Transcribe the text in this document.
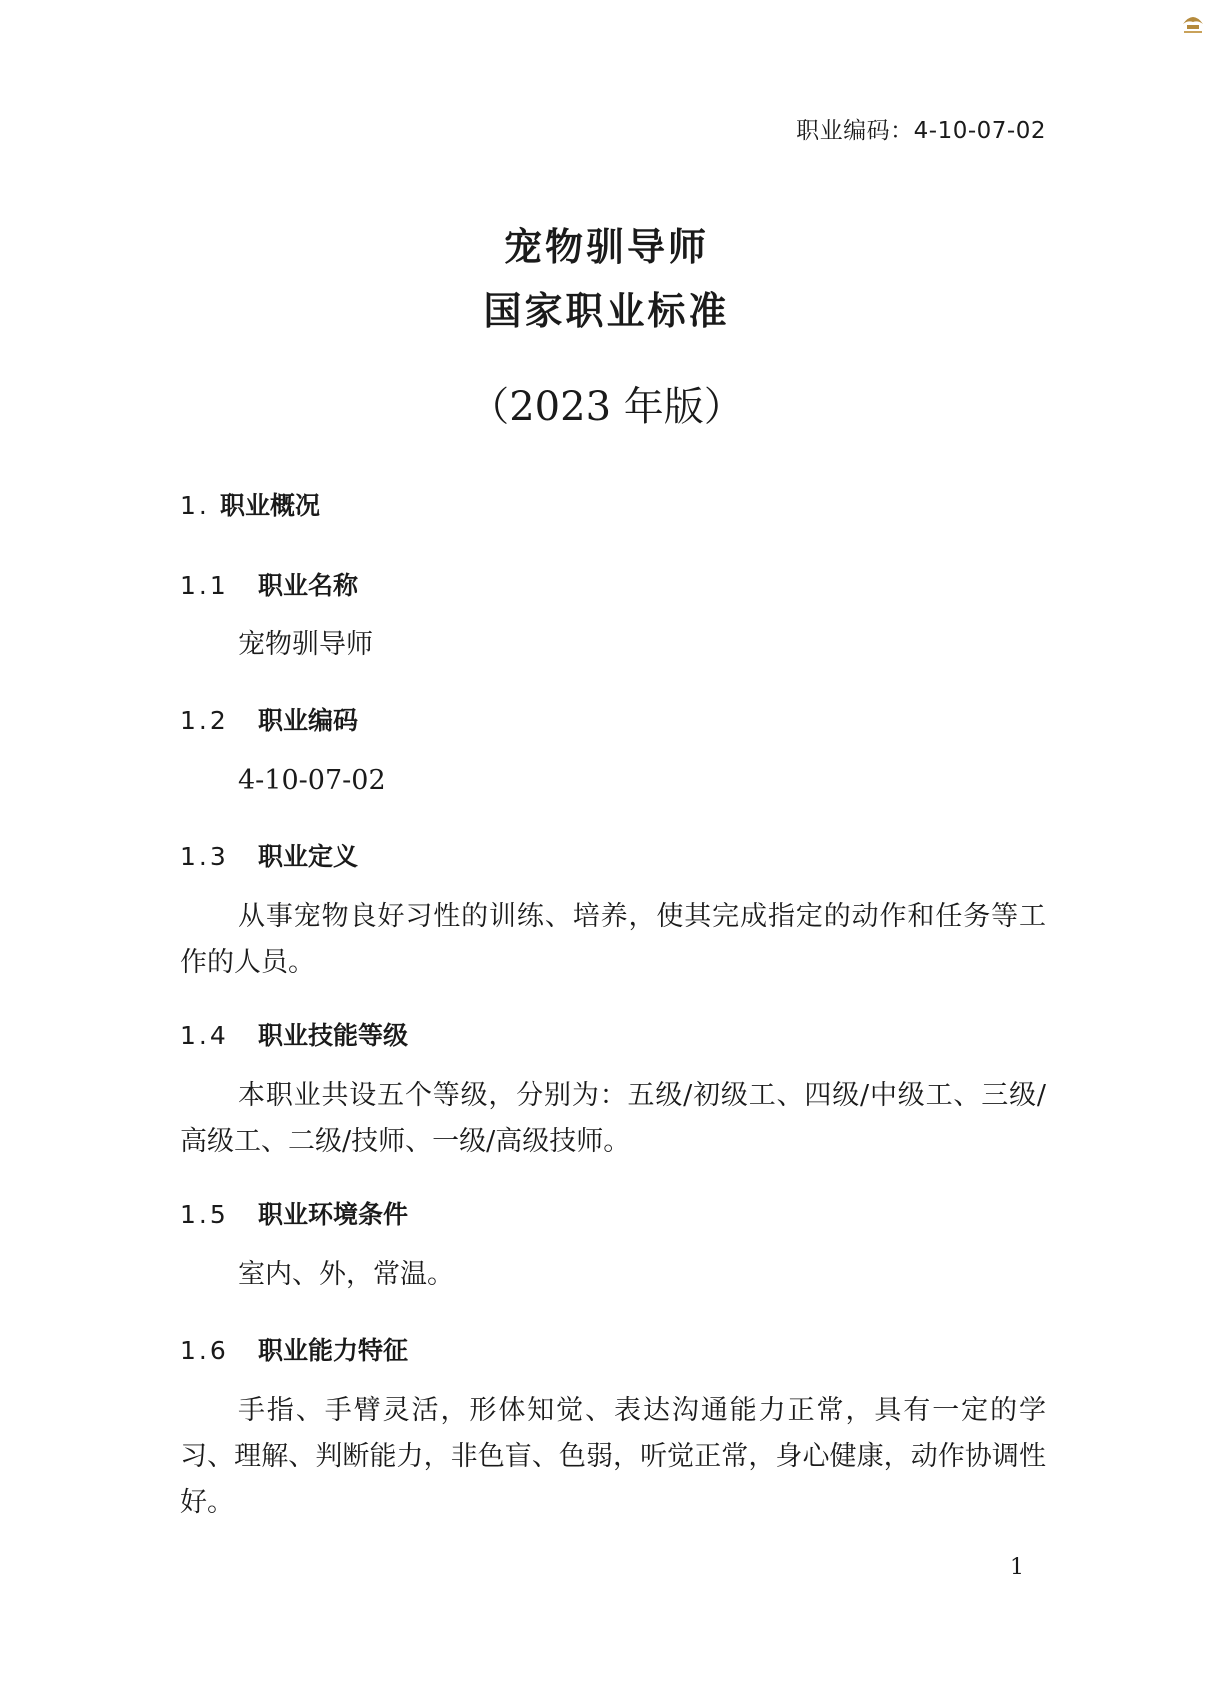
职业编码：4-10-07-02
宠物驯导师
国家职业标准
（2023 年版）
1. 职业概况
1.1 职业名称

宠物驯导师

1.2 职业编码

4-10-07-02

1.3 职业定义

从事宠物良好习性的训练、培养，使其完成指定的动作和任务等工作的人员。

1.4 职业技能等级

本职业共设五个等级，分别为：五级/初级工、四级/中级工、三级/高级工、二级/技师、一级/高级技师。

1.5 职业环境条件

室内、外，常温。

1.6 职业能力特征

手指、手臂灵活，形体知觉、表达沟通能力正常，具有一定的学习、理解、判断能力，非色盲、色弱，听觉正常，身心健康，动作协调性好。

1
